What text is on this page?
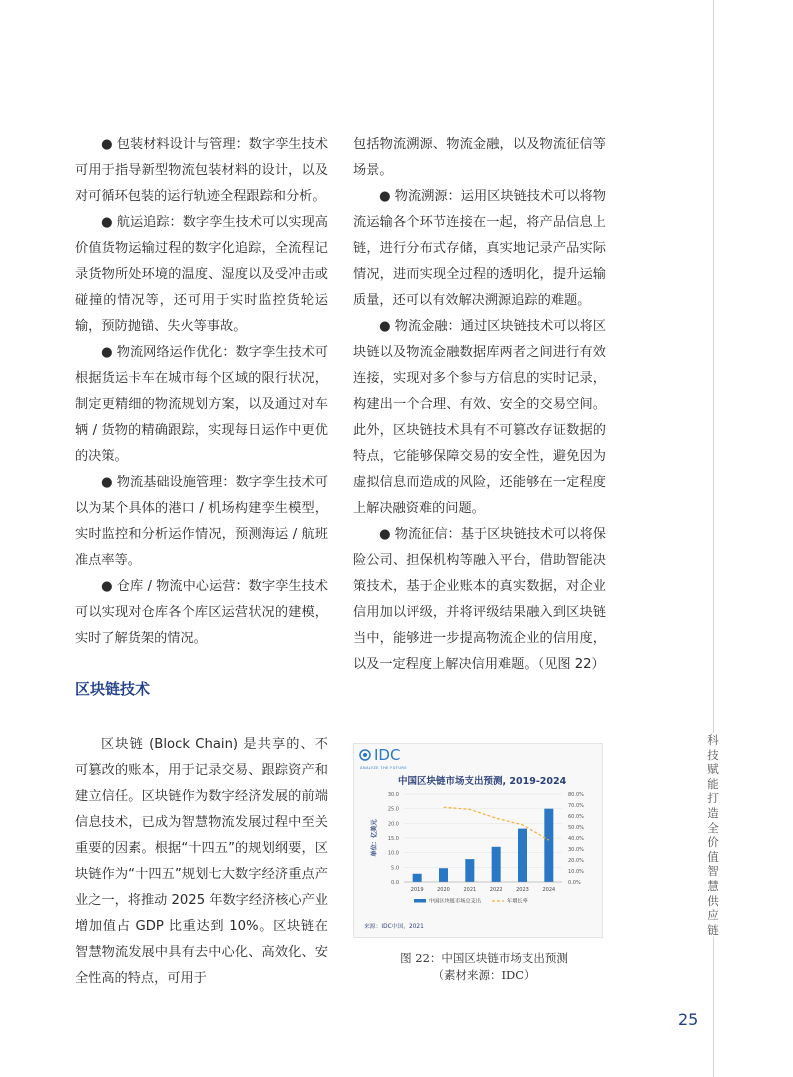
● 包装材料设计与管理：数字孪生技术可用于指导新型物流包装材料的设计，以及对可循环包装的运行轨迹全程跟踪和分析。

● 航运追踪：数字孪生技术可以实现高价值货物运输过程的数字化追踪，全流程记录货物所处环境的温度、湿度以及受冲击或碰撞的情况等，还可用于实时监控货轮运输，预防抛锚、失火等事故。

● 物流网络运作优化：数字孪生技术可根据货运卡车在城市每个区域的限行状况，制定更精细的物流规划方案，以及通过对车辆 / 货物的精确跟踪，实现每日运作中更优的决策。

● 物流基础设施管理：数字孪生技术可以为某个具体的港口 / 机场构建孪生模型，实时监控和分析运作情况，预测海运 / 航班准点率等。

● 仓库 / 物流中心运营：数字孪生技术可以实现对仓库各个库区运营状况的建模，实时了解货架的情况。

区块链技术

区块链 (Block Chain) 是共享的、不可篡改的账本，用于记录交易、跟踪资产和建立信任。区块链作为数字经济发展的前端信息技术，已成为智慧物流发展过程中至关重要的因素。根据“十四五”的规划纲要，区块链作为“十四五”规划七大数字经济重点产业之一，将推动 2025 年数字经济核心产业增加值占 GDP 比重达到 10%。区块链在智慧物流发展中具有去中心化、高效化、安全性高的特点，可用于

包括物流溯源、物流金融，以及物流征信等场景。

● 物流溯源：运用区块链技术可以将物流运输各个环节连接在一起，将产品信息上链，进行分布式存储，真实地记录产品实际情况，进而实现全过程的透明化，提升运输质量，还可以有效解决溯源追踪的难题。

● 物流金融：通过区块链技术可以将区块链以及物流金融数据库两者之间进行有效连接，实现对多个参与方信息的实时记录，构建出一个合理、有效、安全的交易空间。此外，区块链技术具有不可篡改存证数据的特点，它能够保障交易的安全性，避免因为虚拟信息而造成的风险，还能够在一定程度上解决融资难的问题。

● 物流征信：基于区块链技术可以将保险公司、担保机构等融入平台，借助智能决策技术，基于企业账本的真实数据，对企业信用加以评级，并将评级结果融入到区块链当中，能够进一步提高物流企业的信用度，以及一定程度上解决信用难题。（见图 22）

IDC
ANALYZE THE FUTURE
中国区块链市场支出预测, 2019-2024
0.0
5.0
10.0
15.0
20.0
25.0
30.0
0.0%
10.0%
20.0%
30.0%
40.0%
50.0%
60.0%
70.0%
80.0%
单位：亿美元
2019	2020	2021	2022	2023	2024
中国区块链市场总支出	年增长率
来源：IDC中国，2021
图 22：中国区块链市场支出预测
（素材来源：IDC）
科技赋能打造全价值智慧供应链
25
